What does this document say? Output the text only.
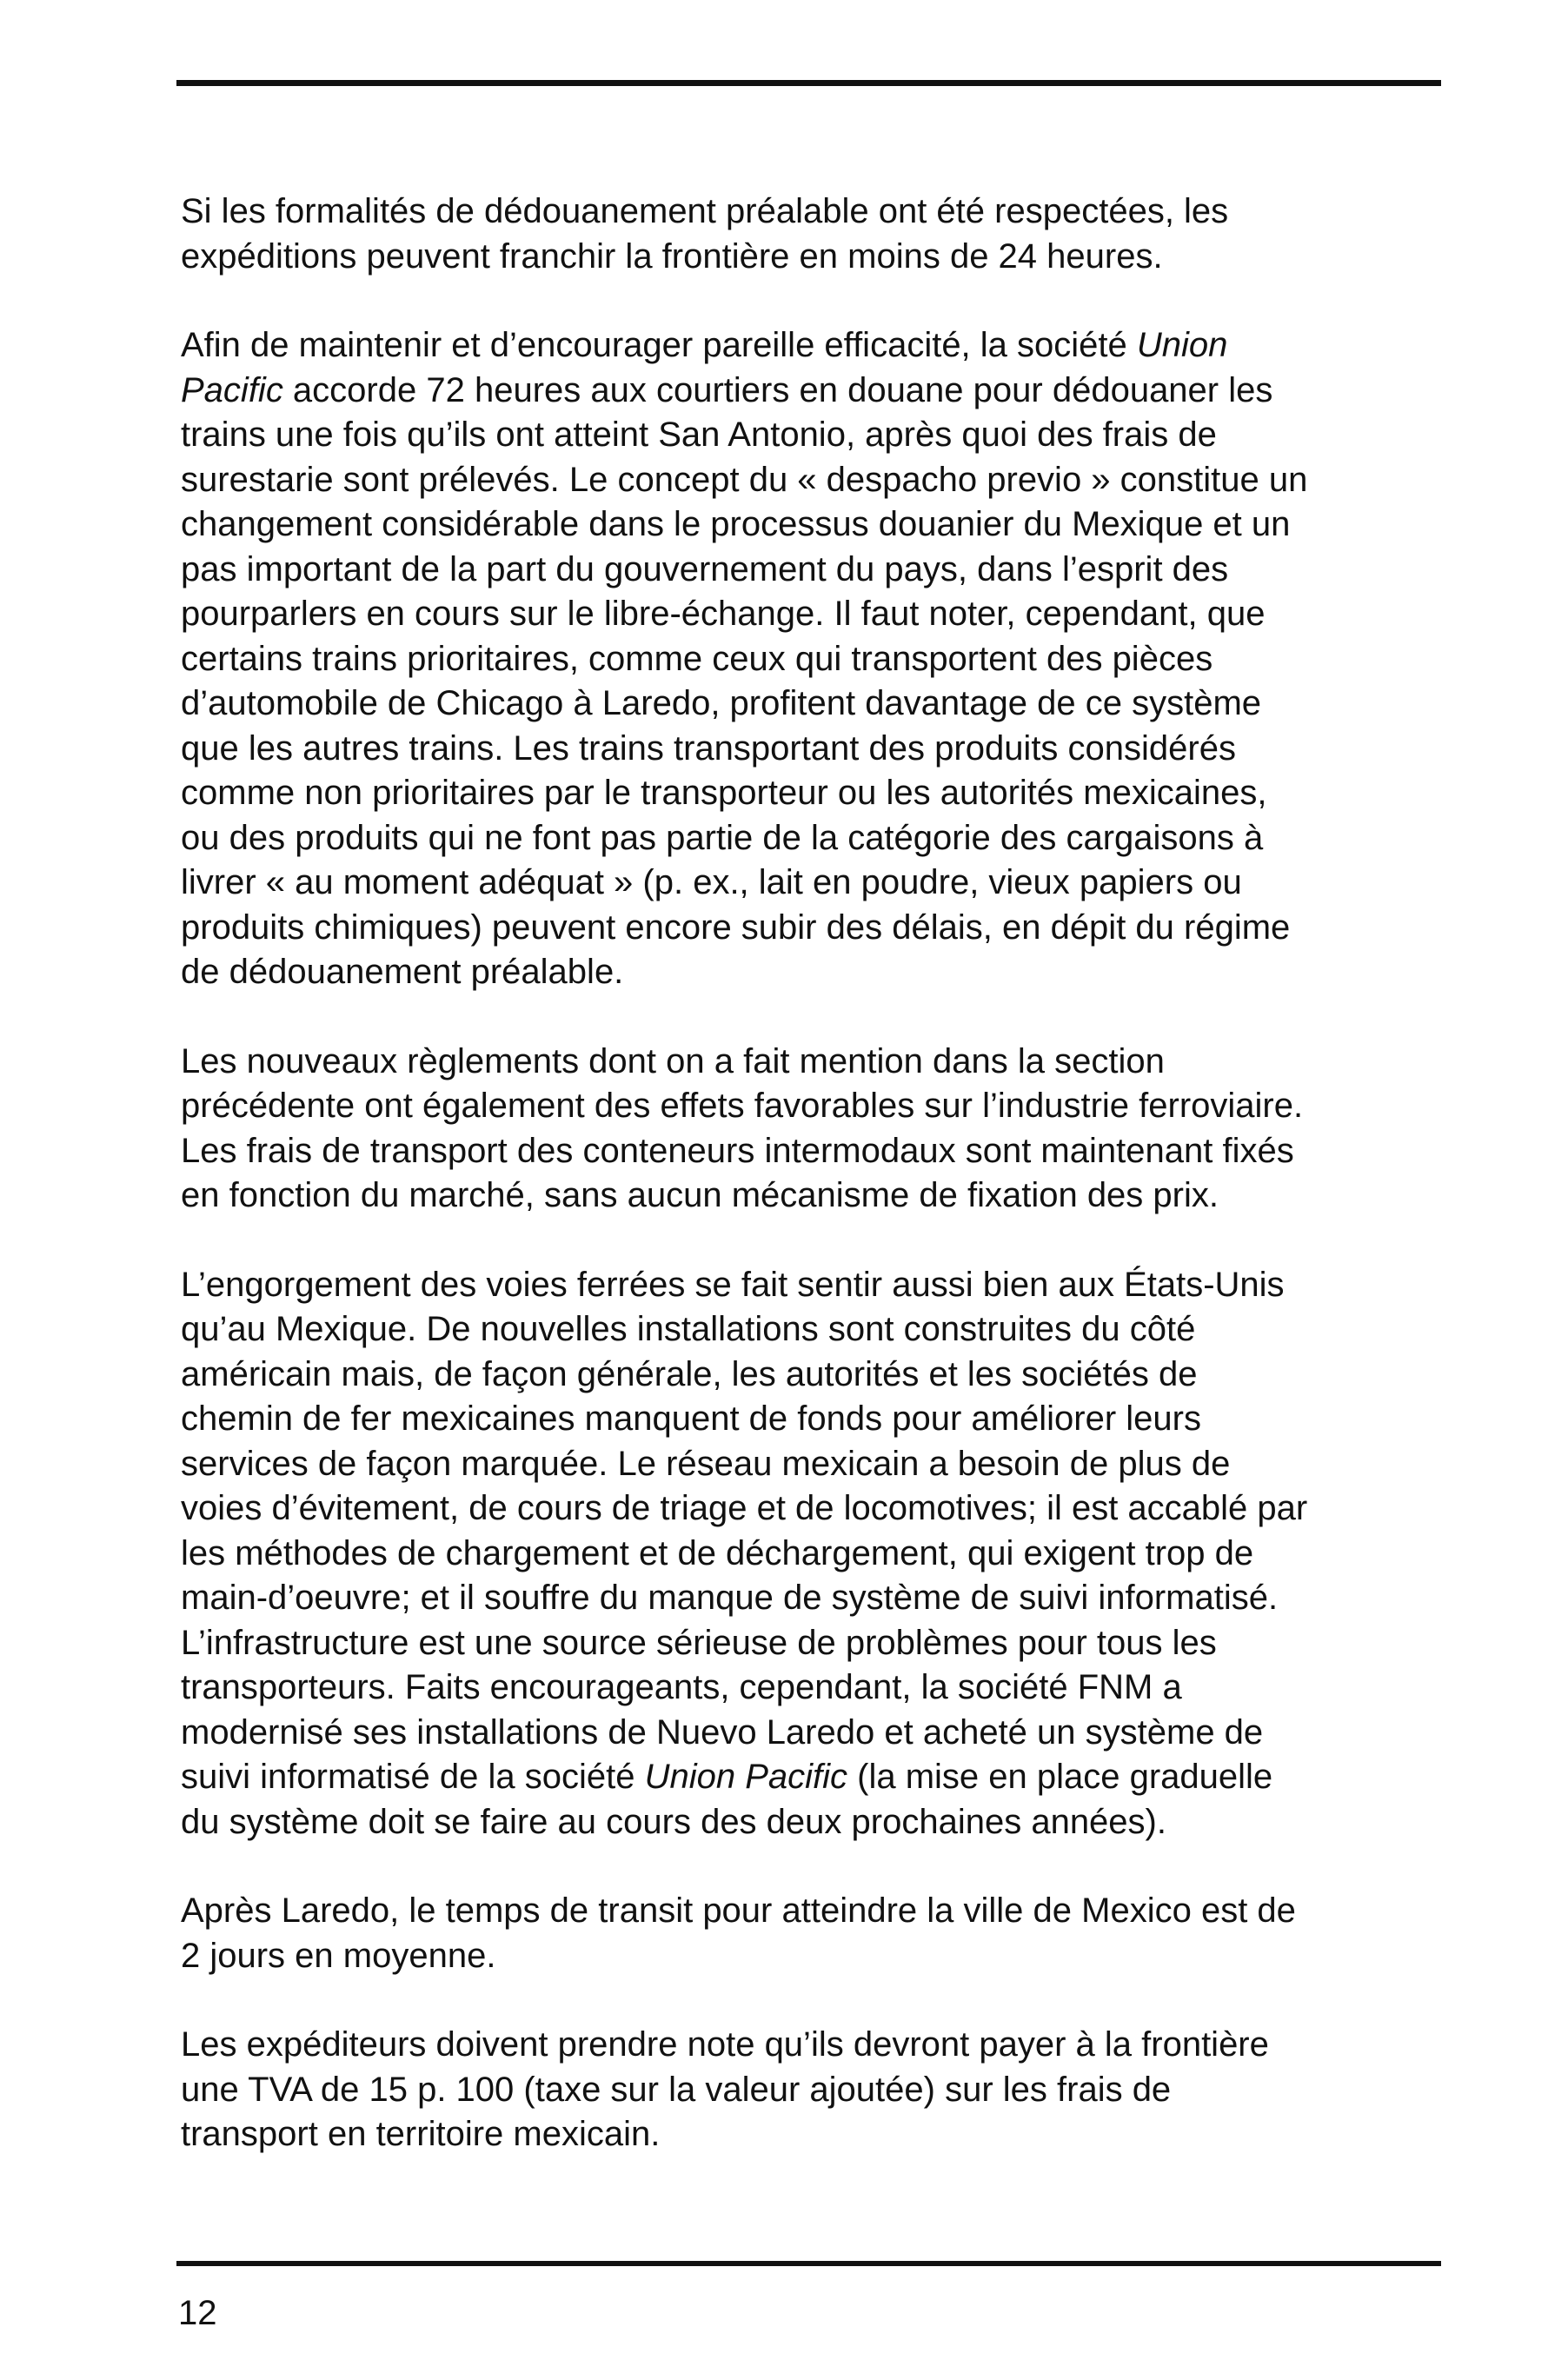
Si les formalités de dédouanement préalable ont été respectées, les
expéditions peuvent franchir la frontière en moins de 24 heures.

Afin de maintenir et d’encourager pareille efficacité, la société Union
Pacific accorde 72 heures aux courtiers en douane pour dédouaner les
trains une fois qu’ils ont atteint San Antonio, après quoi des frais de
surestarie sont prélevés. Le concept du « despacho previo » constitue un
changement considérable dans le processus douanier du Mexique et un
pas important de la part du gouvernement du pays, dans l’esprit des
pourparlers en cours sur le libre-échange. Il faut noter, cependant, que
certains trains prioritaires, comme ceux qui transportent des pièces
d’automobile de Chicago à Laredo, profitent davantage de ce système
que les autres trains. Les trains transportant des produits considérés
comme non prioritaires par le transporteur ou les autorités mexicaines,
ou des produits qui ne font pas partie de la catégorie des cargaisons à
livrer « au moment adéquat » (p. ex., lait en poudre, vieux papiers ou
produits chimiques) peuvent encore subir des délais, en dépit du régime
de dédouanement préalable.

Les nouveaux règlements dont on a fait mention dans la section
précédente ont également des effets favorables sur l’industrie ferroviaire.
Les frais de transport des conteneurs intermodaux sont maintenant fixés
en fonction du marché, sans aucun mécanisme de fixation des prix.

L’engorgement des voies ferrées se fait sentir aussi bien aux États-Unis
qu’au Mexique. De nouvelles installations sont construites du côté
américain mais, de façon générale, les autorités et les sociétés de
chemin de fer mexicaines manquent de fonds pour améliorer leurs
services de façon marquée. Le réseau mexicain a besoin de plus de
voies d’évitement, de cours de triage et de locomotives; il est accablé par
les méthodes de chargement et de déchargement, qui exigent trop de
main-d’oeuvre; et il souffre du manque de système de suivi informatisé.
L’infrastructure est une source sérieuse de problèmes pour tous les
transporteurs. Faits encourageants, cependant, la société FNM a
modernisé ses installations de Nuevo Laredo et acheté un système de
suivi informatisé de la société Union Pacific (la mise en place graduelle
du système doit se faire au cours des deux prochaines années).

Après Laredo, le temps de transit pour atteindre la ville de Mexico est de
2 jours en moyenne.

Les expéditeurs doivent prendre note qu’ils devront payer à la frontière
une TVA de 15 p. 100 (taxe sur la valeur ajoutée) sur les frais de
transport en territoire mexicain.

12
